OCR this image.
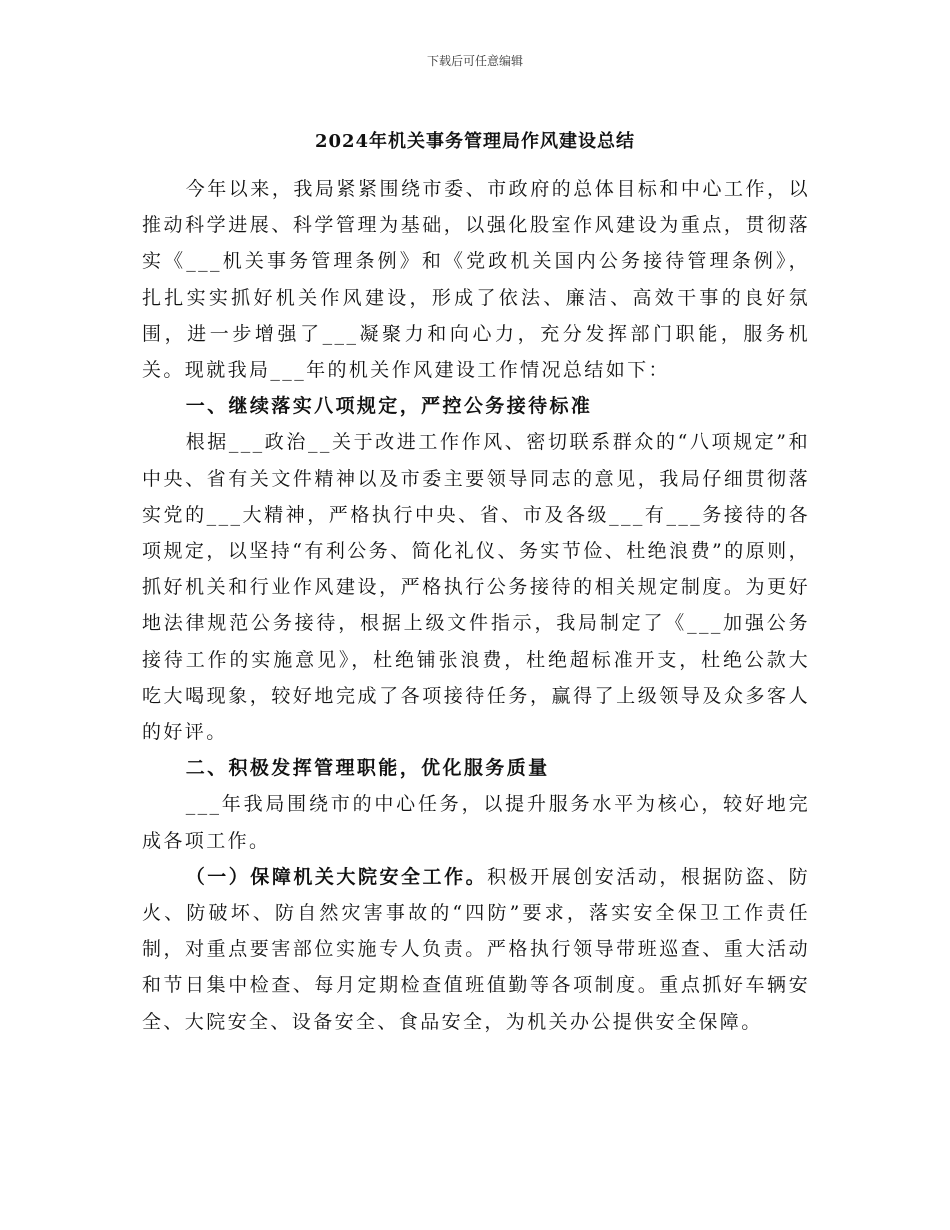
下载后可任意编辑
2024年机关事务管理局作风建设总结

今年以来，我局紧紧围绕市委、市政府的总体目标和中心工作，以推动科学进展、科学管理为基础，以强化股室作风建设为重点，贯彻落实《___机关事务管理条例》和《党政机关国内公务接待管理条例》，扎扎实实抓好机关作风建设，形成了依法、廉洁、高效干事的良好氛围，进一步增强了___凝聚力和向心力，充分发挥部门职能，服务机关。现就我局___年的机关作风建设工作情况总结如下：

一、继续落实八项规定，严控公务接待标准

根据___政治__关于改进工作作风、密切联系群众的“八项规定”和中央、省有关文件精神以及市委主要领导同志的意见，我局仔细贯彻落实党的___大精神，严格执行中央、省、市及各级___有___务接待的各项规定，以坚持“有利公务、简化礼仪、务实节俭、杜绝浪费”的原则，抓好机关和行业作风建设，严格执行公务接待的相关规定制度。为更好地法律规范公务接待，根据上级文件指示，我局制定了《___加强公务接待工作的实施意见》，杜绝铺张浪费，杜绝超标准开支，杜绝公款大吃大喝现象，较好地完成了各项接待任务，赢得了上级领导及众多客人的好评。

二、积极发挥管理职能，优化服务质量

___年我局围绕市的中心任务，以提升服务水平为核心，较好地完成各项工作。

（一）保障机关大院安全工作。积极开展创安活动，根据防盗、防火、防破坏、防自然灾害事故的“四防”要求，落实安全保卫工作责任制，对重点要害部位实施专人负责。严格执行领导带班巡查、重大活动和节日集中检查、每月定期检查值班值勤等各项制度。重点抓好车辆安全、大院安全、设备安全、食品安全，为机关办公提供安全保障。
